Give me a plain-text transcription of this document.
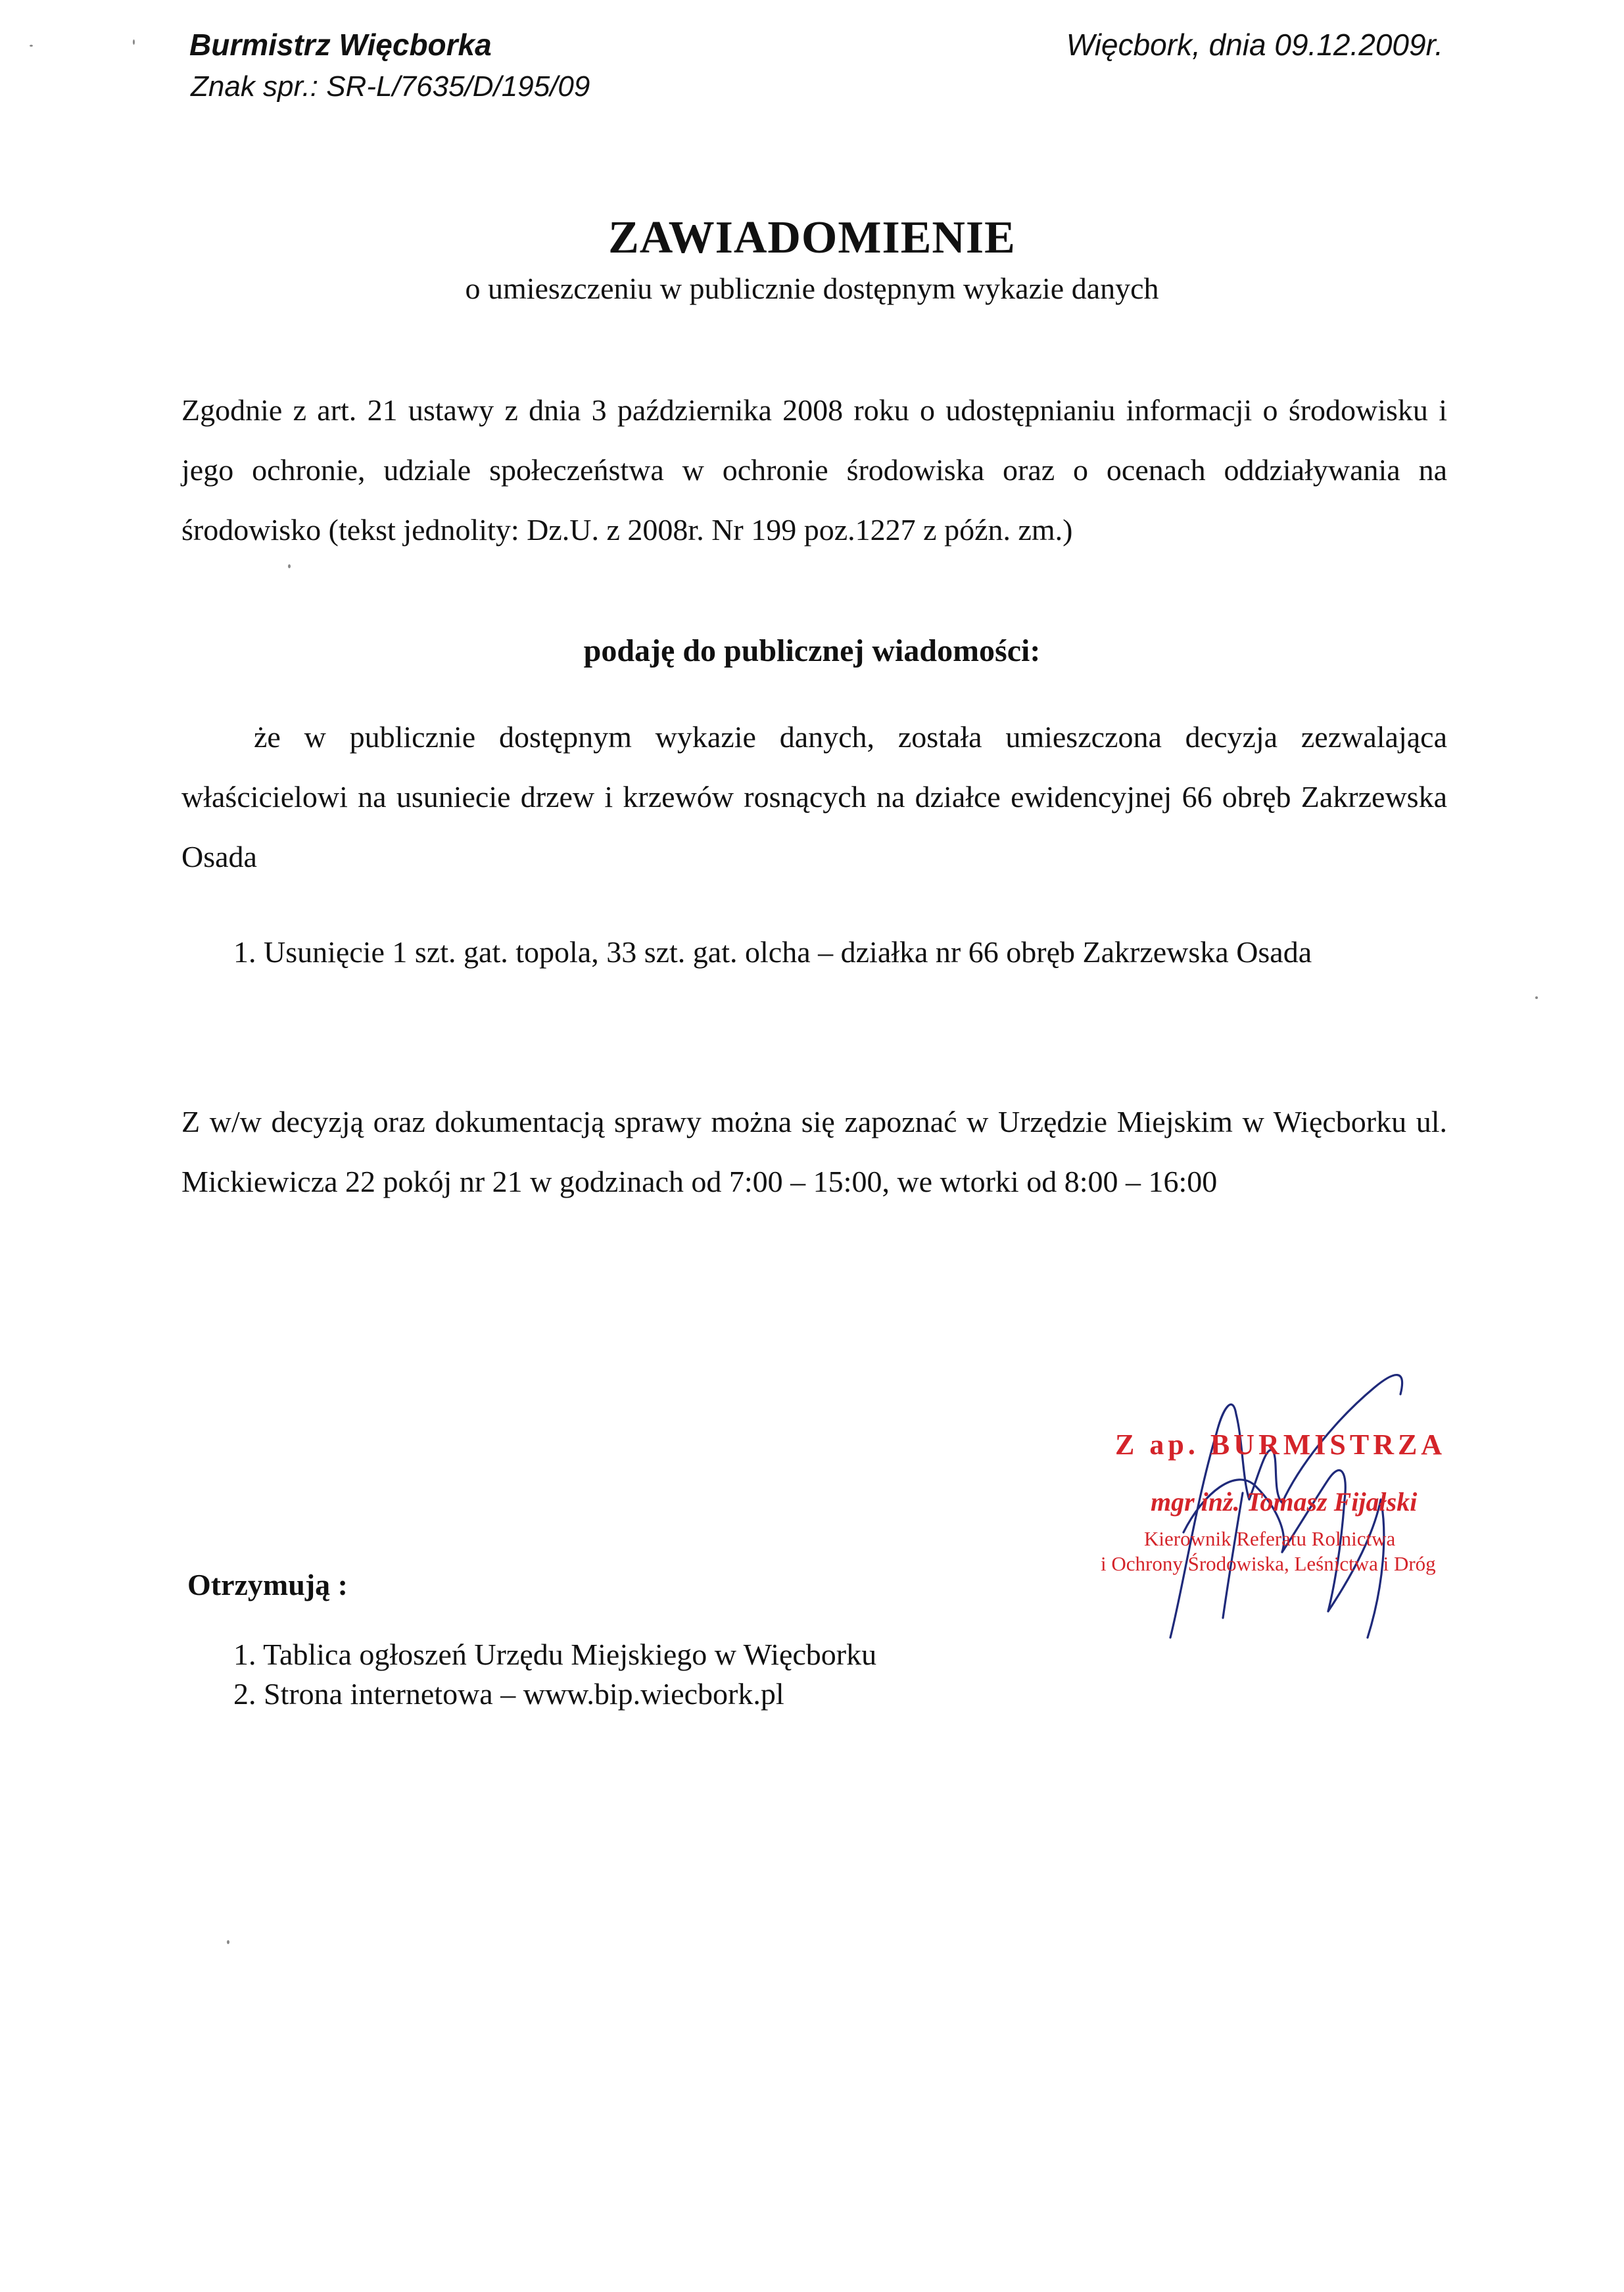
Burmistrz Więcborka
Znak spr.: SR-L/7635/D/195/09
Więcbork, dnia 09.12.2009r.
ZAWIADOMIENIE
o umieszczeniu w publicznie dostępnym wykazie danych
Zgodnie z art. 21 ustawy z dnia 3 października 2008 roku o udostępnianiu informacji o środowisku i jego ochronie, udziale społeczeństwa w ochronie środowiska oraz o ocenach oddziaływania na środowisko (tekst jednolity: Dz.U. z 2008r. Nr 199 poz.1227 z późn. zm.)
podaję do publicznej wiadomości:
że w publicznie dostępnym wykazie danych, została umieszczona decyzja zezwalająca właścicielowi na usuniecie drzew i krzewów rosnących na działce ewidencyjnej 66 obręb Zakrzewska Osada
1. Usunięcie 1 szt. gat. topola, 33 szt. gat. olcha – działka nr 66 obręb Zakrzewska Osada
Z w/w decyzją oraz dokumentacją sprawy można się zapoznać w Urzędzie Miejskim w Więcborku ul. Mickiewicza 22 pokój nr 21 w godzinach od 7:00 – 15:00, we wtorki od 8:00 – 16:00
Z ap. BURMISTRZA
mgr inż. Tomasz Fijałski
Kierownik Referatu Rolnictwa
i Ochrony Środowiska, Leśnictwa i Dróg
Otrzymują :
1. Tablica ogłoszeń Urzędu Miejskiego w Więcborku
2. Strona internetowa – www.bip.wiecbork.pl
